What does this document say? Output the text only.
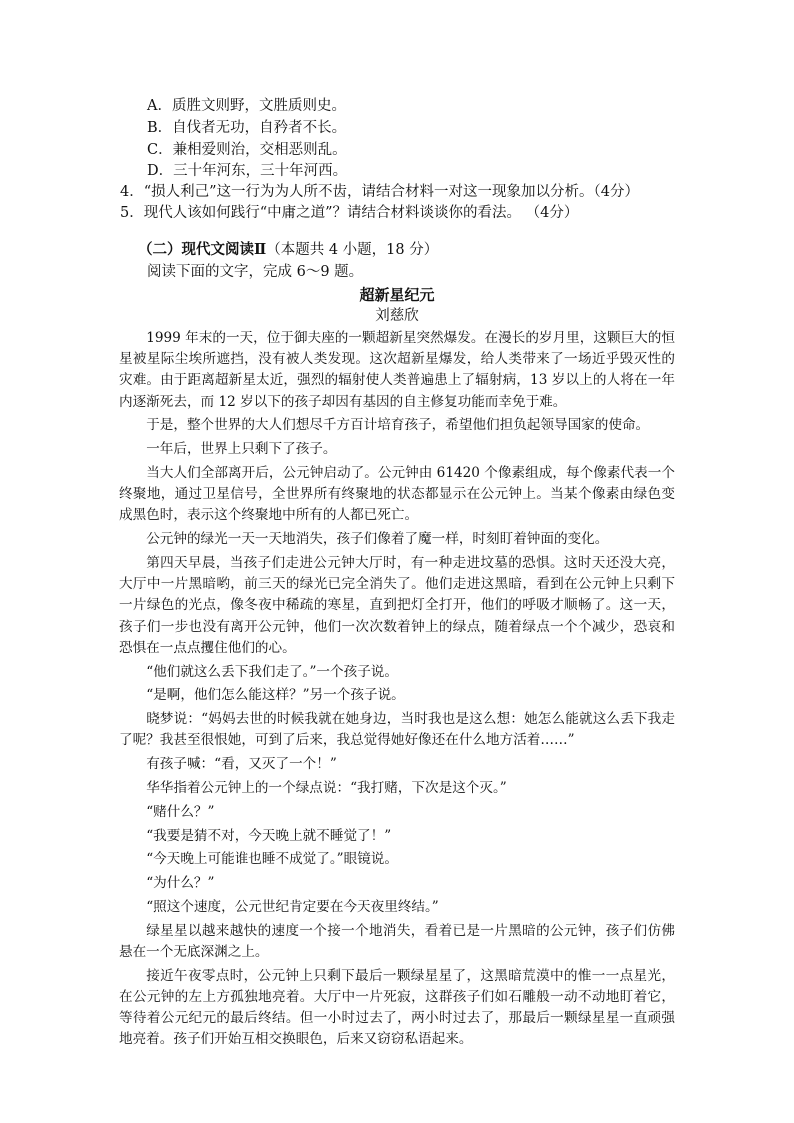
A．质胜文则野，文胜质则史。
B．自伐者无功，自矜者不长。
C．兼相爱则治，交相恶则乱。
D．三十年河东，三十年河西。
4．“损人利己”这一行为为人所不齿，请结合材料一对这一现象加以分析。（4分）
5．现代人该如何践行“中庸之道”？请结合材料谈谈你的看法。 （4分）
（二）现代文阅读Ⅱ（本题共 4 小题，18 分）
阅读下面的文字，完成 6～9 题。
超新星纪元
刘慈欣

1999 年末的一天，位于御夫座的一颗超新星突然爆发。在漫长的岁月里，这颗巨大的恒星被星际尘埃所遮挡，没有被人类发现。这次超新星爆发，给人类带来了一场近乎毁灭性的灾难。由于距离超新星太近，强烈的辐射使人类普遍患上了辐射病，13 岁以上的人将在一年内逐渐死去，而 12 岁以下的孩子却因有基因的自主修复功能而幸免于难。

于是，整个世界的大人们想尽千方百计培育孩子，希望他们担负起领导国家的使命。

一年后，世界上只剩下了孩子。

当大人们全部离开后，公元钟启动了。公元钟由 61420 个像素组成，每个像素代表一个终聚地，通过卫星信号，全世界所有终聚地的状态都显示在公元钟上。当某个像素由绿色变成黑色时，表示这个终聚地中所有的人都已死亡。

公元钟的绿光一天一天地消失，孩子们像着了魔一样，时刻盯着钟面的变化。

第四天早晨，当孩子们走进公元钟大厅时，有一种走进坟墓的恐惧。这时天还没大亮，大厅中一片黑暗哟，前三天的绿光已完全消失了。他们走进这黑暗，看到在公元钟上只剩下一片绿色的光点，像冬夜中稀疏的寒星，直到把灯全打开，他们的呼吸才顺畅了。这一天，孩子们一步也没有离开公元钟，他们一次次数着钟上的绿点，随着绿点一个个减少，恐哀和恐惧在一点点攫住他们的心。

“他们就这么丢下我们走了。”一个孩子说。

“是啊，他们怎么能这样？”另一个孩子说。

晓梦说：“妈妈去世的时候我就在她身边，当时我也是这么想：她怎么能就这么丢下我走了呢？我甚至很恨她，可到了后来，我总觉得她好像还在什么地方活着……”

有孩子喊：“看，又灭了一个！”

华华指着公元钟上的一个绿点说：“我打赌，下次是这个灭。”

“赌什么？”

“我要是猜不对，今天晚上就不睡觉了！”

“今天晚上可能谁也睡不成觉了。”眼镜说。

“为什么？”

“照这个速度，公元世纪肯定要在今天夜里终结。”

绿星星以越来越快的速度一个接一个地消失，看着已是一片黑暗的公元钟，孩子们仿佛悬在一个无底深渊之上。

接近午夜零点时，公元钟上只剩下最后一颗绿星星了，这黑暗荒漠中的惟一一点星光，在公元钟的左上方孤独地亮着。大厅中一片死寂，这群孩子们如石雕般一动不动地盯着它，等待着公元纪元的最后终结。但一小时过去了，两小时过去了，那最后一颗绿星星一直顽强地亮着。孩子们开始互相交换眼色，后来又窃窃私语起来。
